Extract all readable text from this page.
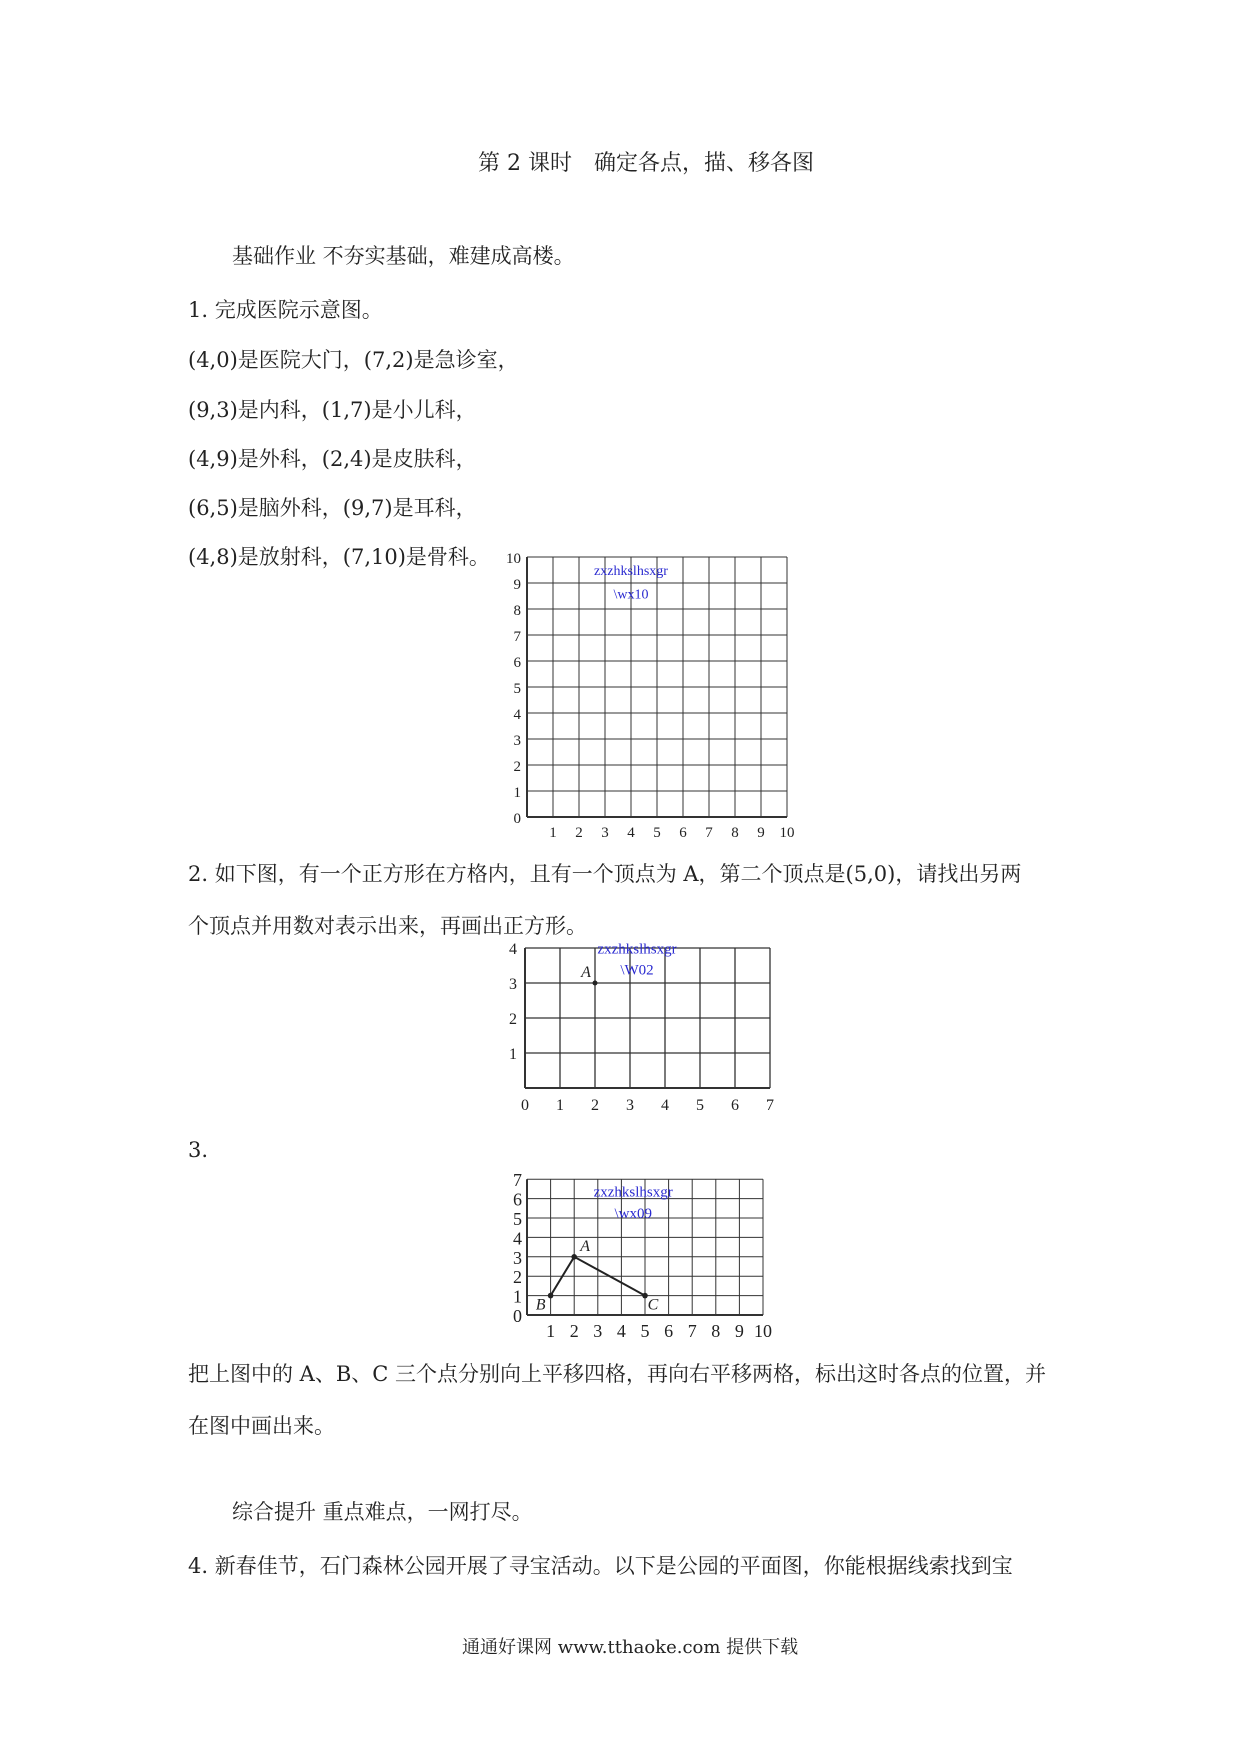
第 2 课时　确定各点，描、移各图
基础作业 不夯实基础，难建成高楼。
1. 完成医院示意图。
(4,0)是医院大门，(7,2)是急诊室，
(9,3)是内科，(1,7)是小儿科，
(4,9)是外科，(2,4)是皮肤科，
(6,5)是脑外科，(9,7)是耳科，
(4,8)是放射科，(7,10)是骨科。
1 2 3 4 5 6 7 8 9 10
0
1
2
3
4
5
6
7
8
9
10
zxzhkslhsxgr
\wx10
2. 如下图，有一个正方形在方格内，且有一个顶点为 A，第二个顶点是(5,0)，请找出另两
个顶点并用数对表示出来，再画出正方形。
0 1 2 3 4 5 6 7
1
2
3
4
A
zxzhkslhsxgr
\W02
3.
1 2 3 4 5 6 7 8 9 10
0
1
2
3
4
5
6
7
A
B	C
zxzhkslhsxgr
\wx09
把上图中的 A、B、C 三个点分别向上平移四格，再向右平移两格，标出这时各点的位置，并
在图中画出来。
综合提升 重点难点，一网打尽。
4. 新春佳节，石门森林公园开展了寻宝活动。以下是公园的平面图，你能根据线索找到宝
通通好课网 www.tthaoke.com 提供下载
